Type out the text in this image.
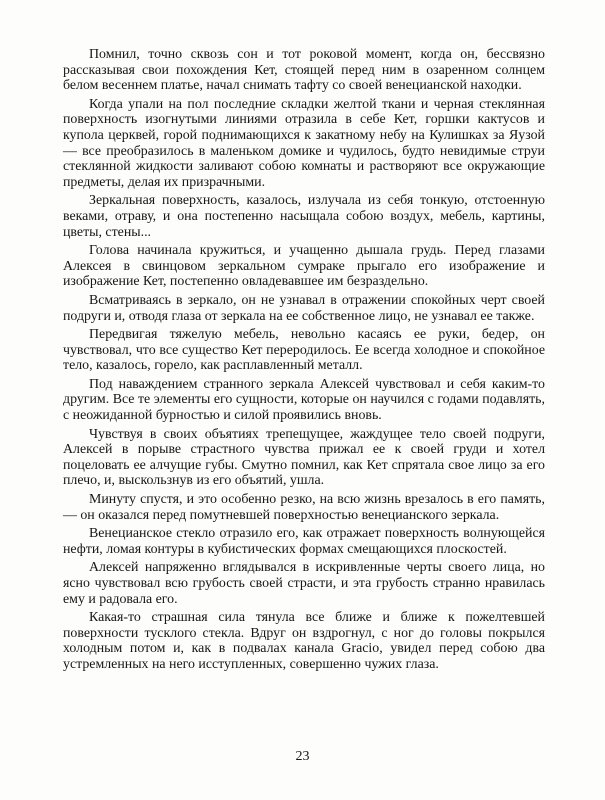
Помнил, точно сквозь сон и тот роковой момент, когда он, бессвязно рассказывая свои похождения Кет, стоящей перед ним в озаренном солнцем белом весеннем платье, начал снимать тафту со своей венецианской находки.

Когда упали на пол последние складки желтой ткани и черная стеклянная поверхность изогнутыми линиями отразила в себе Кет, горшки кактусов и купола церквей, горой поднимающихся к закатному небу на Кулишках за Яузой — все преобразилось в маленьком домике и чудилось, будто невидимые струи стеклянной жидкости заливают собою комнаты и растворяют все окружающие предметы, делая их призрачными.

Зеркальная поверхность, казалось, излучала из себя тонкую, отстоенную веками, отраву, и она постепенно насыщала собою воздух, мебель, картины, цветы, стены...

Голова начинала кружиться, и учащенно дышала грудь. Перед глазами Алексея в свинцовом зеркальном сумраке прыгало его изображение и изображение Кет, постепенно овладевавшее им безраздельно.

Всматриваясь в зеркало, он не узнавал в отражении спокойных черт своей подруги и, отводя глаза от зеркала на ее собственное лицо, не узнавал ее также.

Передвигая тяжелую мебель, невольно касаясь ее руки, бедер, он чувствовал, что все существо Кет переродилось. Ее всегда холодное и спокойное тело, казалось, горело, как расплавленный металл.

Под наваждением странного зеркала Алексей чувствовал и себя каким-то другим. Все те элементы его сущности, которые он научился с годами подавлять, с неожиданной бурностью и силой проявились вновь.

Чувствуя в своих объятиях трепещущее, жаждущее тело своей подруги, Алексей в порыве страстного чувства прижал ее к своей груди и хотел поцеловать ее алчущие губы. Смутно помнил, как Кет спрятала свое лицо за его плечо, и, выскользнув из его объятий, ушла.

Минуту спустя, и это особенно резко, на всю жизнь врезалось в его память, — он оказался перед помутневшей поверхностью венецианского зеркала.

Венецианское стекло отразило его, как отражает поверхность волнующейся нефти, ломая контуры в кубистических формах смещающихся плоскостей.

Алексей напряженно вглядывался в искривленные черты своего лица, но ясно чувствовал всю грубость своей страсти, и эта грубость странно нравилась ему и радовала его.

Какая-то страшная сила тянула все ближе и ближе к пожелтевшей поверхности тусклого стекла. Вдруг он вздрогнул, с ног до головы покрылся холодным потом и, как в подвалах канала Gracio, увидел перед собою два устремленных на него исступленных, совершенно чужих глаза.

23
